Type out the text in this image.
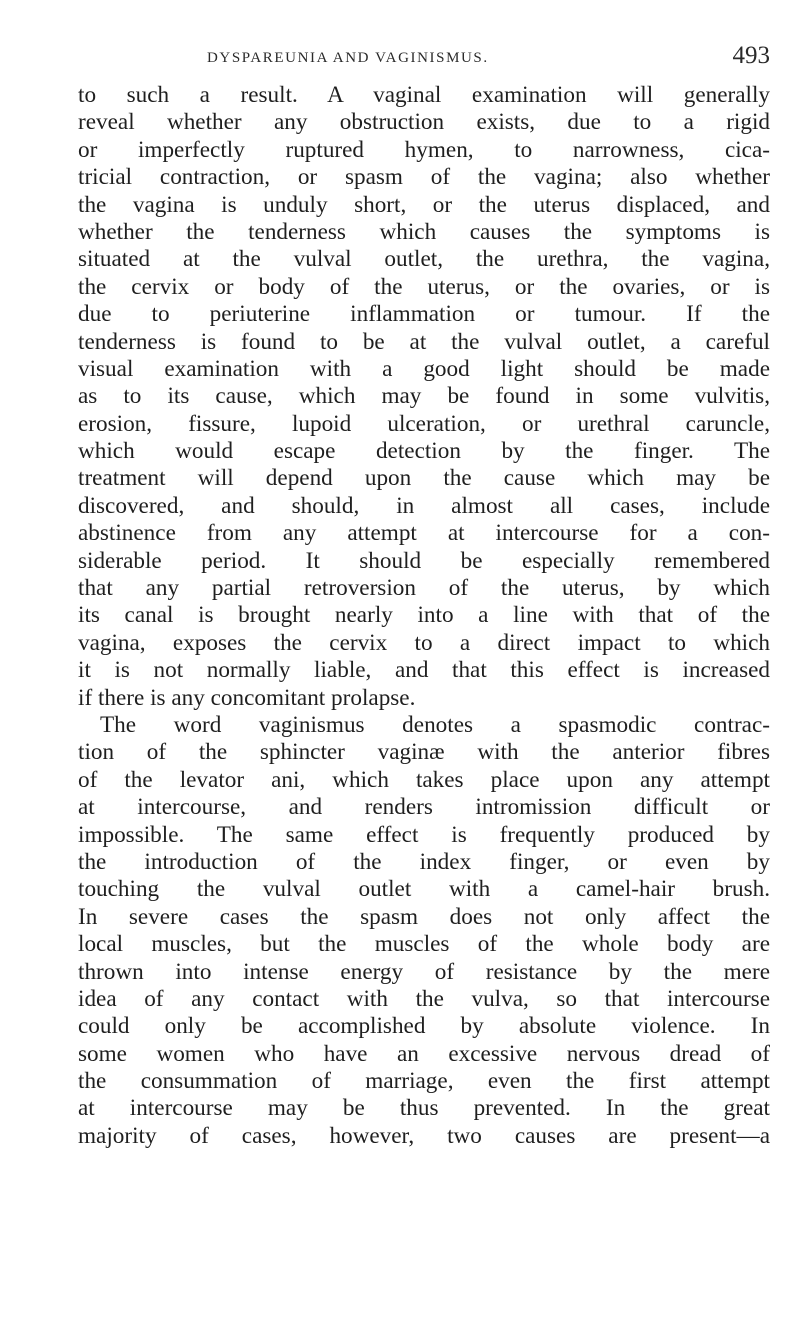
DYSPAREUNIA AND VAGINISMUS.	493
to such a result. A vaginal examination will generally
reveal whether any obstruction exists, due to a rigid
or imperfectly ruptured hymen, to narrowness, cica-
tricial contraction, or spasm of the vagina; also whether
the vagina is unduly short, or the uterus displaced, and
whether the tenderness which causes the symptoms is
situated at the vulval outlet, the urethra, the vagina,
the cervix or body of the uterus, or the ovaries, or is
due to periuterine inflammation or tumour. If the
tenderness is found to be at the vulval outlet, a careful
visual examination with a good light should be made
as to its cause, which may be found in some vulvitis,
erosion, fissure, lupoid ulceration, or urethral caruncle,
which would escape detection by the finger. The
treatment will depend upon the cause which may be
discovered, and should, in almost all cases, include
abstinence from any attempt at intercourse for a con-
siderable period. It should be especially remembered
that any partial retroversion of the uterus, by which
its canal is brought nearly into a line with that of the
vagina, exposes the cervix to a direct impact to which
it is not normally liable, and that this effect is increased
if there is any concomitant prolapse.
The word vaginismus denotes a spasmodic contrac-
tion of the sphincter vaginæ with the anterior fibres
of the levator ani, which takes place upon any attempt
at intercourse, and renders intromission difficult or
impossible. The same effect is frequently produced by
the introduction of the index finger, or even by
touching the vulval outlet with a camel-hair brush.
In severe cases the spasm does not only affect the
local muscles, but the muscles of the whole body are
thrown into intense energy of resistance by the mere
idea of any contact with the vulva, so that intercourse
could only be accomplished by absolute violence. In
some women who have an excessive nervous dread of
the consummation of marriage, even the first attempt
at intercourse may be thus prevented. In the great
majority of cases, however, two causes are present—a
